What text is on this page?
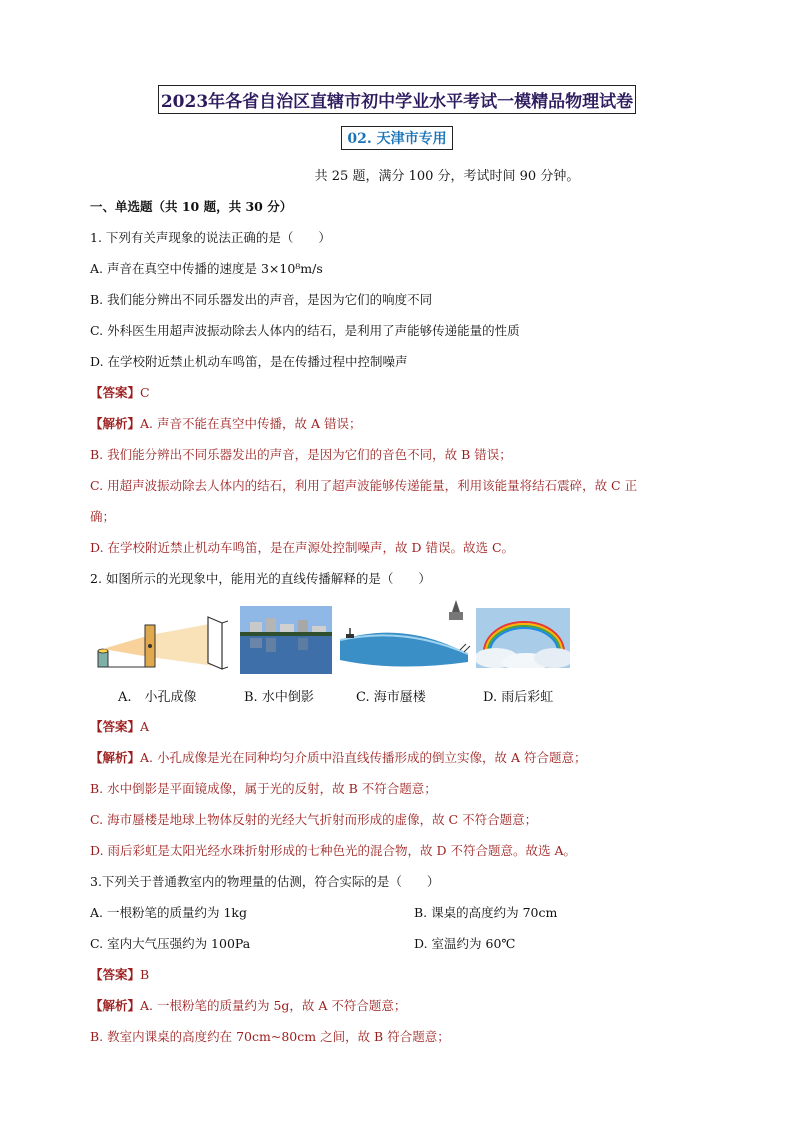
2023年各省自治区直辖市初中学业水平考试一模精品物理试卷
02. 天津市专用
共 25 题，满分 100 分，考试时间 90 分钟。
一、单选题（共 10 题，共 30 分）
1. 下列有关声现象的说法正确的是（　　）
A. 声音在真空中传播的速度是 3×10⁸m/s
B. 我们能分辨出不同乐器发出的声音，是因为它们的响度不同
C. 外科医生用超声波振动除去人体内的结石，是利用了声能够传递能量的性质
D. 在学校附近禁止机动车鸣笛，是在传播过程中控制噪声
【答案】C
【解析】A. 声音不能在真空中传播，故 A 错误；
B. 我们能分辨出不同乐器发出的声音，是因为它们的音色不同，故 B 错误；
C. 用超声波振动除去人体内的结石，利用了超声波能够传递能量，利用该能量将结石震碎，故 C 正
确；
D. 在学校附近禁止机动车鸣笛，是在声源处控制噪声，故 D 错误。故选 C。
2. 如图所示的光现象中，能用光的直线传播解释的是（　　）
A.　小孔成像	B. 水中倒影	C. 海市蜃楼	D. 雨后彩虹
【答案】A
【解析】A. 小孔成像是光在同种均匀介质中沿直线传播形成的倒立实像，故 A 符合题意；
B. 水中倒影是平面镜成像，属于光的反射，故 B 不符合题意；
C. 海市蜃楼是地球上物体反射的光经大气折射而形成的虚像，故 C 不符合题意；
D. 雨后彩虹是太阳光经水珠折射形成的七种色光的混合物，故 D 不符合题意。故选 A。
3.下列关于普通教室内的物理量的估测，符合实际的是（　　）
A. 一根粉笔的质量约为 1kg	B. 课桌的高度约为 70cm
C. 室内大气压强约为 100Pa	D. 室温约为 60℃
【答案】B
【解析】A. 一根粉笔的质量约为 5g，故 A 不符合题意；
B. 教室内课桌的高度约在 70cm~80cm 之间，故 B 符合题意；
